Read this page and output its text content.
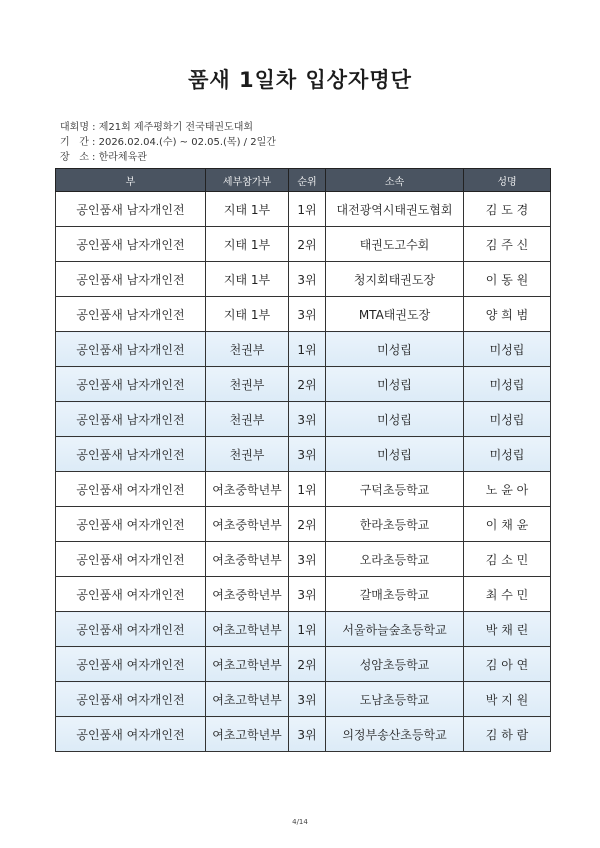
품새 1일차 입상자명단
대회명 : 제21회 제주평화기 전국태권도대회
기   간 : 2026.02.04.(수) ~ 02.05.(목) / 2일간
장   소 : 한라체육관
부	세부참가부	순위	소속	성명
공인품새 남자개인전	지태 1부	1위	대전광역시태권도협회	김 도 경
공인품새 남자개인전	지태 1부	2위	태권도고수회	김 주 신
공인품새 남자개인전	지태 1부	3위	청지회태권도장	이 동 원
공인품새 남자개인전	지태 1부	3위	MTA태권도장	양 희 범
공인품새 남자개인전	천권부	1위	미성립	미성립
공인품새 남자개인전	천권부	2위	미성립	미성립
공인품새 남자개인전	천권부	3위	미성립	미성립
공인품새 남자개인전	천권부	3위	미성립	미성립
공인품새 여자개인전	여초중학년부	1위	구덕초등학교	노 윤 아
공인품새 여자개인전	여초중학년부	2위	한라초등학교	이 채 윤
공인품새 여자개인전	여초중학년부	3위	오라초등학교	김 소 민
공인품새 여자개인전	여초중학년부	3위	갈매초등학교	최 수 민
공인품새 여자개인전	여초고학년부	1위	서울하늘숲초등학교	박 채 린
공인품새 여자개인전	여초고학년부	2위	성암초등학교	김 아 연
공인품새 여자개인전	여초고학년부	3위	도남초등학교	박 지 원
공인품새 여자개인전	여초고학년부	3위	의정부송산초등학교	김 하 람
4/14
